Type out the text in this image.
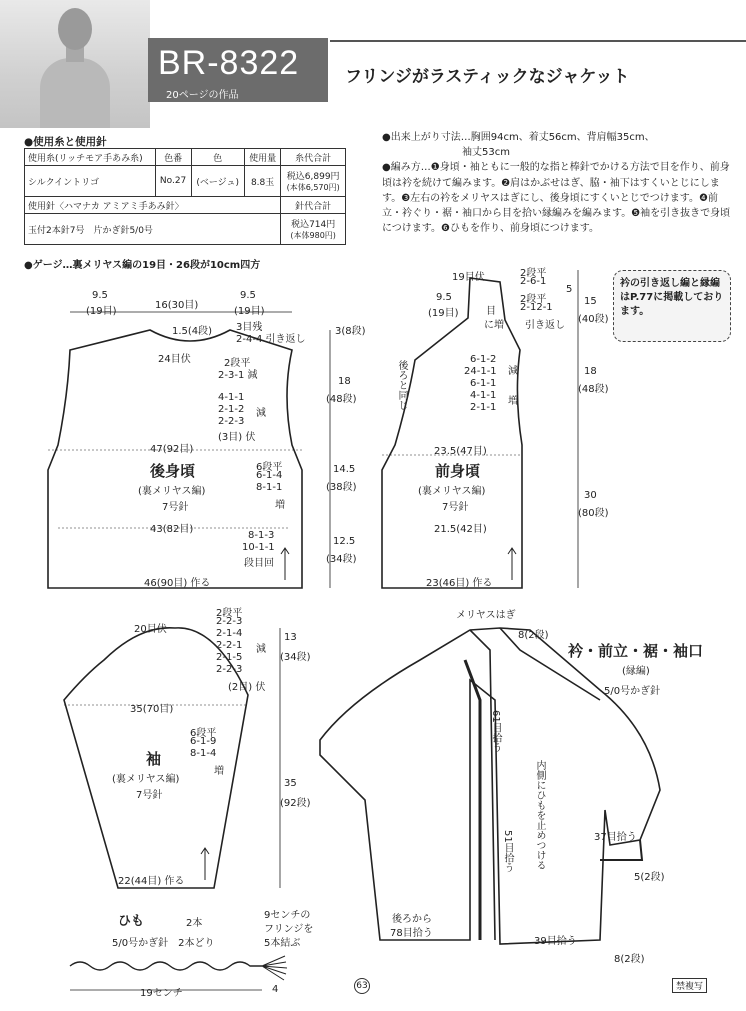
BR-8322
20ページの作品
フリンジがラスティックなジャケット
●使用糸と使用針
使用糸(リッチモア手あみ糸)	色番	色	使用量	糸代合計
シルクイントリゴ	No.27	(ベージュ)	8.8玉	税込6,899円
(本体6,570円)

使用針〈ハマナカ アミアミ手あみ針〉				針代合計
玉付2本針7号　片かぎ針5/0号				税込714円
(本体980円)
●ゲージ…裏メリヤス編の19目・26段が10cm四方
●出来上がり寸法…胸囲94cm、着丈56cm、背肩幅35cm、
袖丈53cm
●編み方…❶身頃・袖ともに一般的な指と棒針でかける方法で目を作り、前身頃は衿を続けて編みます。❷肩はかぶせはぎ、脇・袖下はすくいとじにします。❸左右の衿をメリヤスはぎにし、後身頃にすくいとじでつけます。❹前立・衿ぐり・裾・袖口から目を拾い縁編みを編みます。❺袖を引き抜きで身頃につけます。❻ひもを作り、前身頃につけます。
衿の引き返し編と縁編はP.77に掲載しております。
後身頃
(裏メリヤス編)
7号針
9.5
(19目)
16(30目)
9.5
(19目)
1.5(4段) 3目残
2-4-4 引き返し
3(8段)
24目伏	2段平
2-3-1 減
4-1-1
2-1-2
2-2-3
(3目) 伏
減
18
(48段)
47(92目)
6段平
6-1-4
8-1-1
増
14.5
(38段)
43(82目)
12.5
(34段)
8-1-3
10-1-1
段目回
46(90目) 作る
前身頃
(裏メリヤス編)
7号針
19目伏	2段平
2-6-1
2段平
2-12-1
5
引き返し
9.5
(19目)	目
に増
15
(40段)
後ろと同じ
6-1-2
24-1-1
6-1-1
4-1-1
2-1-1
減
増
18
(48段)
23.5(47目)
30
(80段)
21.5(42目)
23(46目) 作る
袖
(裏メリヤス編)
7号針
20目伏
2段平
2-2-3
2-1-4
2-2-1
2-1-5
2-2-3
(2目) 伏
減
13
(34段)
35(70目)
6段平
6-1-9
8-1-4
増
35
(92段)
22(44目) 作る
衿・前立・裾・袖口
(縁編)
5/0号かぎ針
メリヤスはぎ
8(2段)
61目拾う
内側にひもを止めつける
51目拾う	37目拾う
5(2段)
後ろから
78目拾う
39目拾う
8(2段)
ひも	2本
5/0号かぎ針　2本どり
9センチの
フリンジを
5本結ぶ
19センチ	4	63	禁複写
